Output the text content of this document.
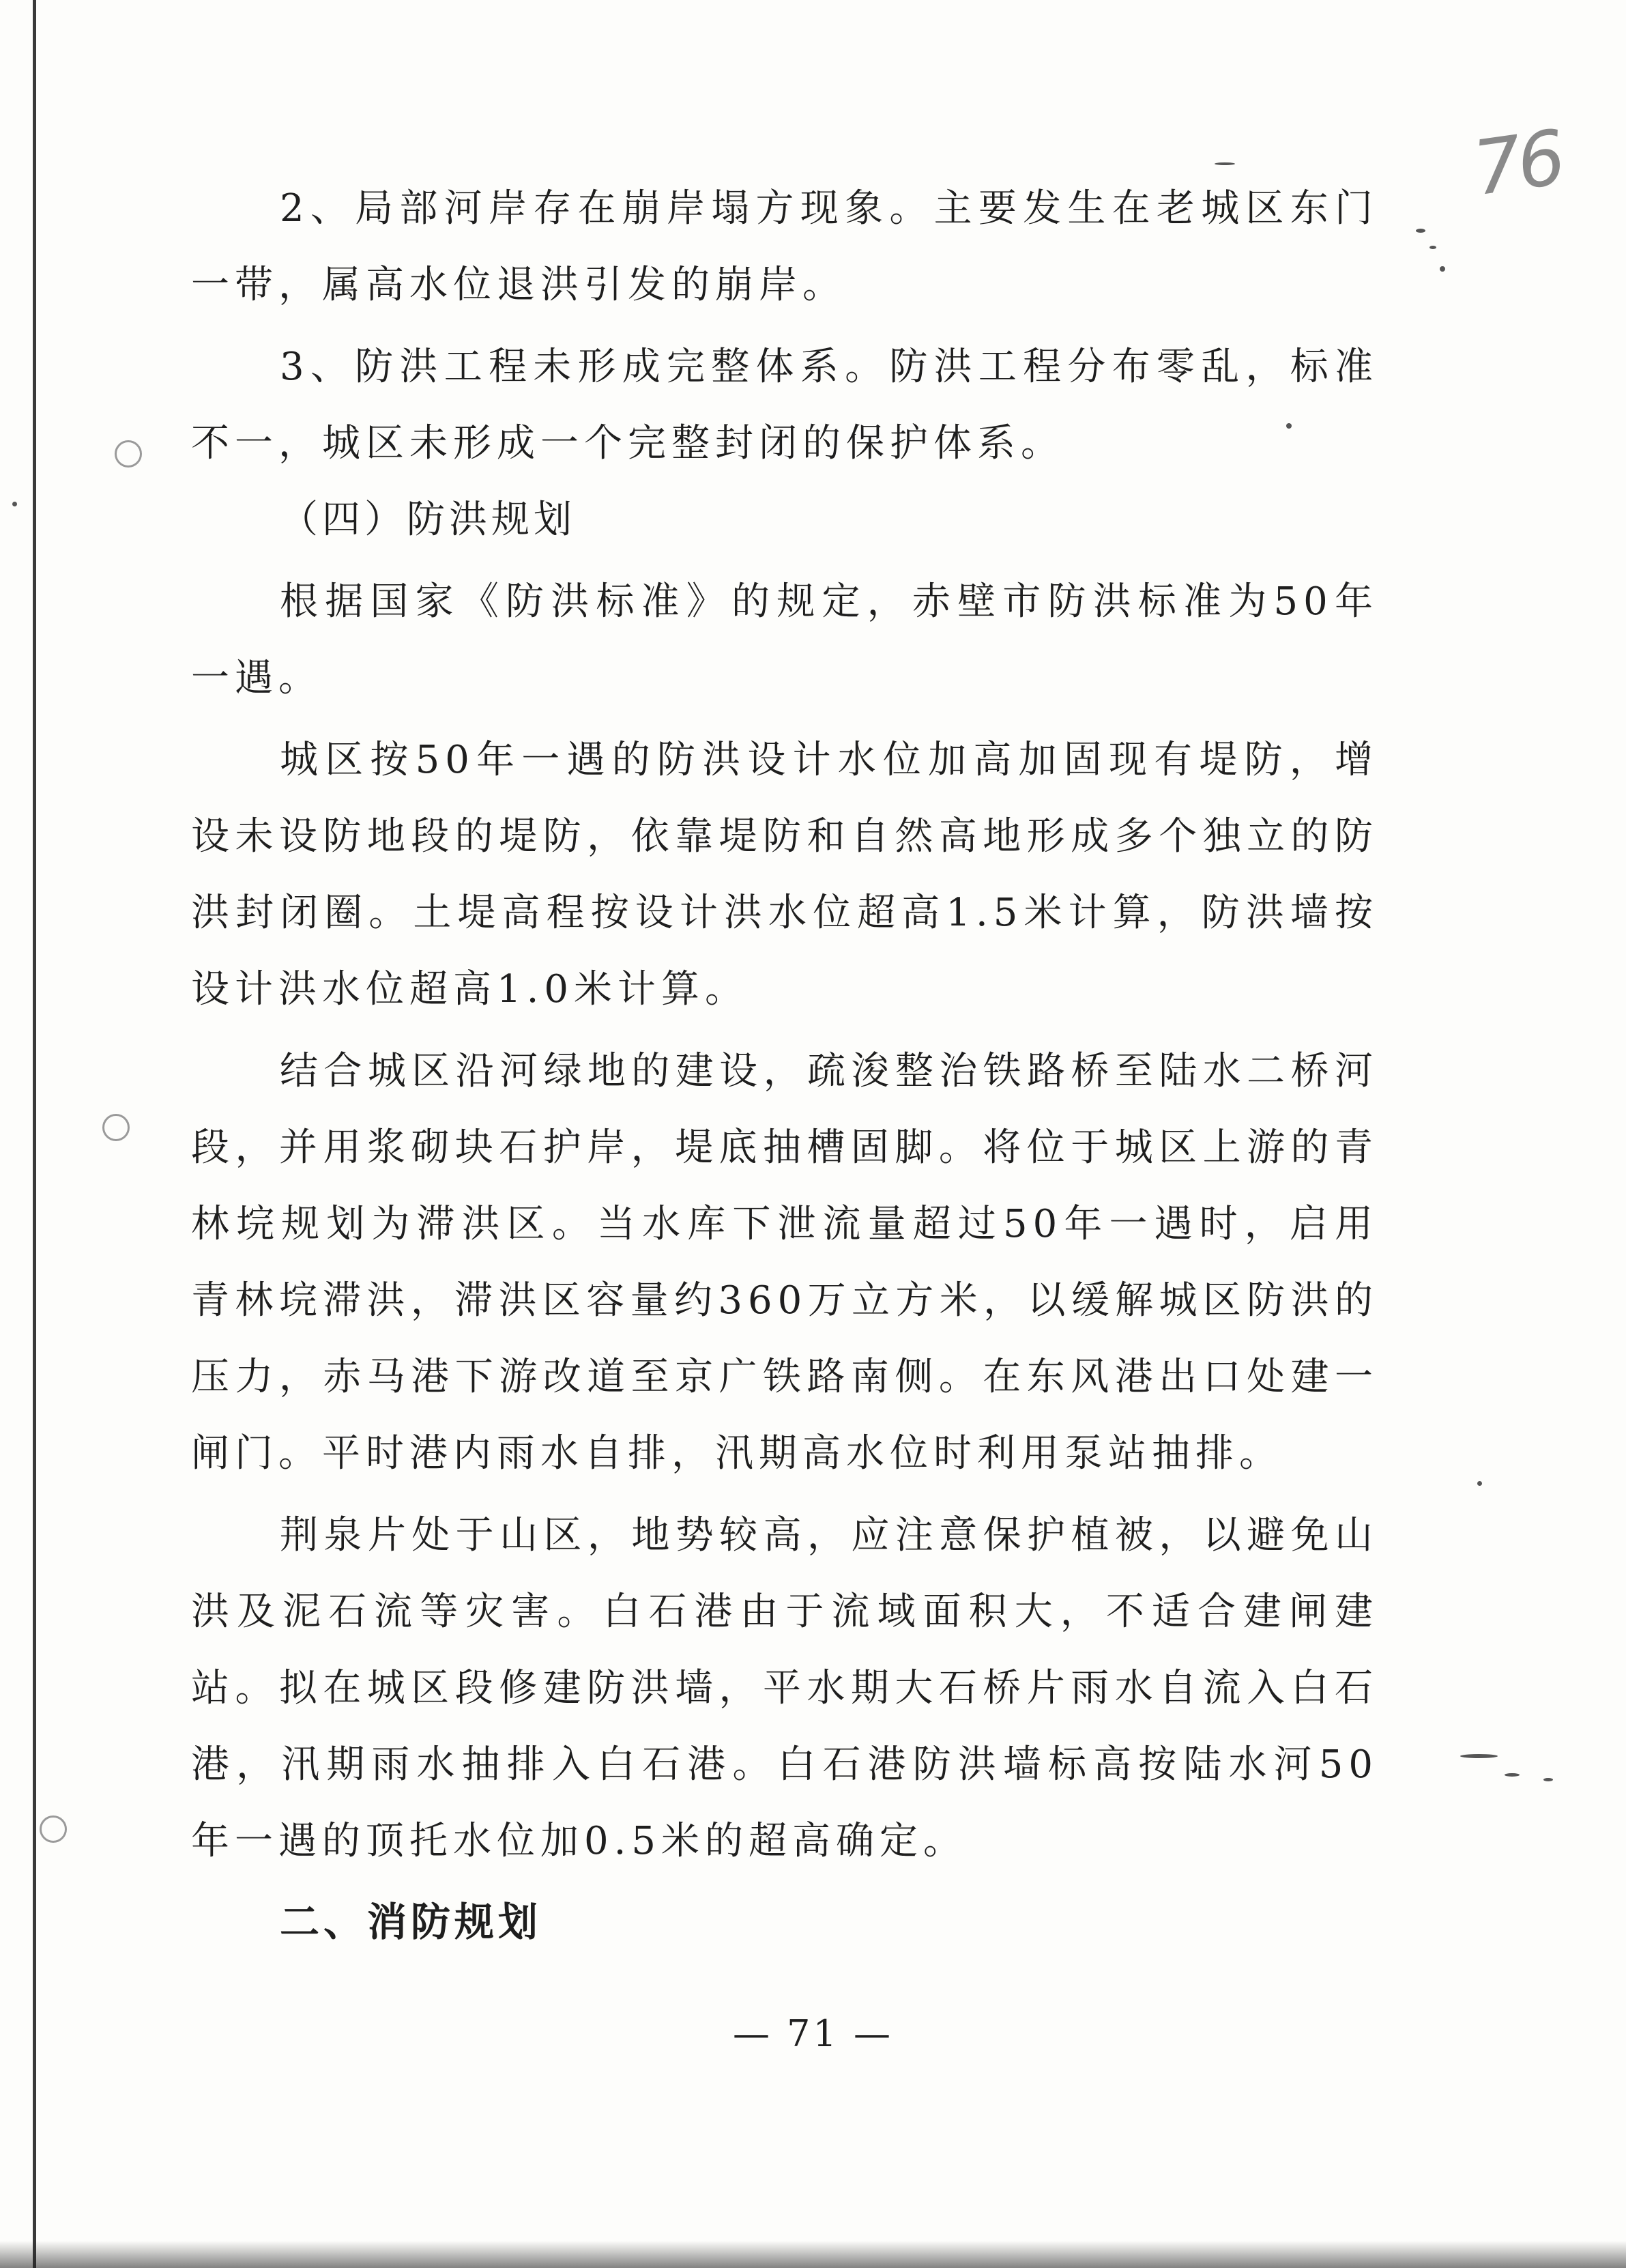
76

2、局部河岸存在崩岸塌方现象。主要发生在老城区东门一带，属高水位退洪引发的崩岸。

3、防洪工程未形成完整体系。防洪工程分布零乱，标准不一，城区未形成一个完整封闭的保护体系。

（四）防洪规划

根据国家《防洪标准》的规定，赤壁市防洪标准为50年一遇。

城区按50年一遇的防洪设计水位加高加固现有堤防，增设未设防地段的堤防，依靠堤防和自然高地形成多个独立的防洪封闭圈。土堤高程按设计洪水位超高1.5米计算，防洪墙按设计洪水位超高1.0米计算。

结合城区沿河绿地的建设，疏浚整治铁路桥至陆水二桥河段，并用浆砌块石护岸，堤底抽槽固脚。将位于城区上游的青林垸规划为滞洪区。当水库下泄流量超过50年一遇时，启用青林垸滞洪，滞洪区容量约360万立方米，以缓解城区防洪的压力，赤马港下游改道至京广铁路南侧。在东风港出口处建一闸门。平时港内雨水自排，汛期高水位时利用泵站抽排。

荆泉片处于山区，地势较高，应注意保护植被，以避免山洪及泥石流等灾害。白石港由于流域面积大，不适合建闸建站。拟在城区段修建防洪墙，平水期大石桥片雨水自流入白石港，汛期雨水抽排入白石港。白石港防洪墙标高按陆水河50年一遇的顶托水位加0.5米的超高确定。

二、消防规划

— 71 —
